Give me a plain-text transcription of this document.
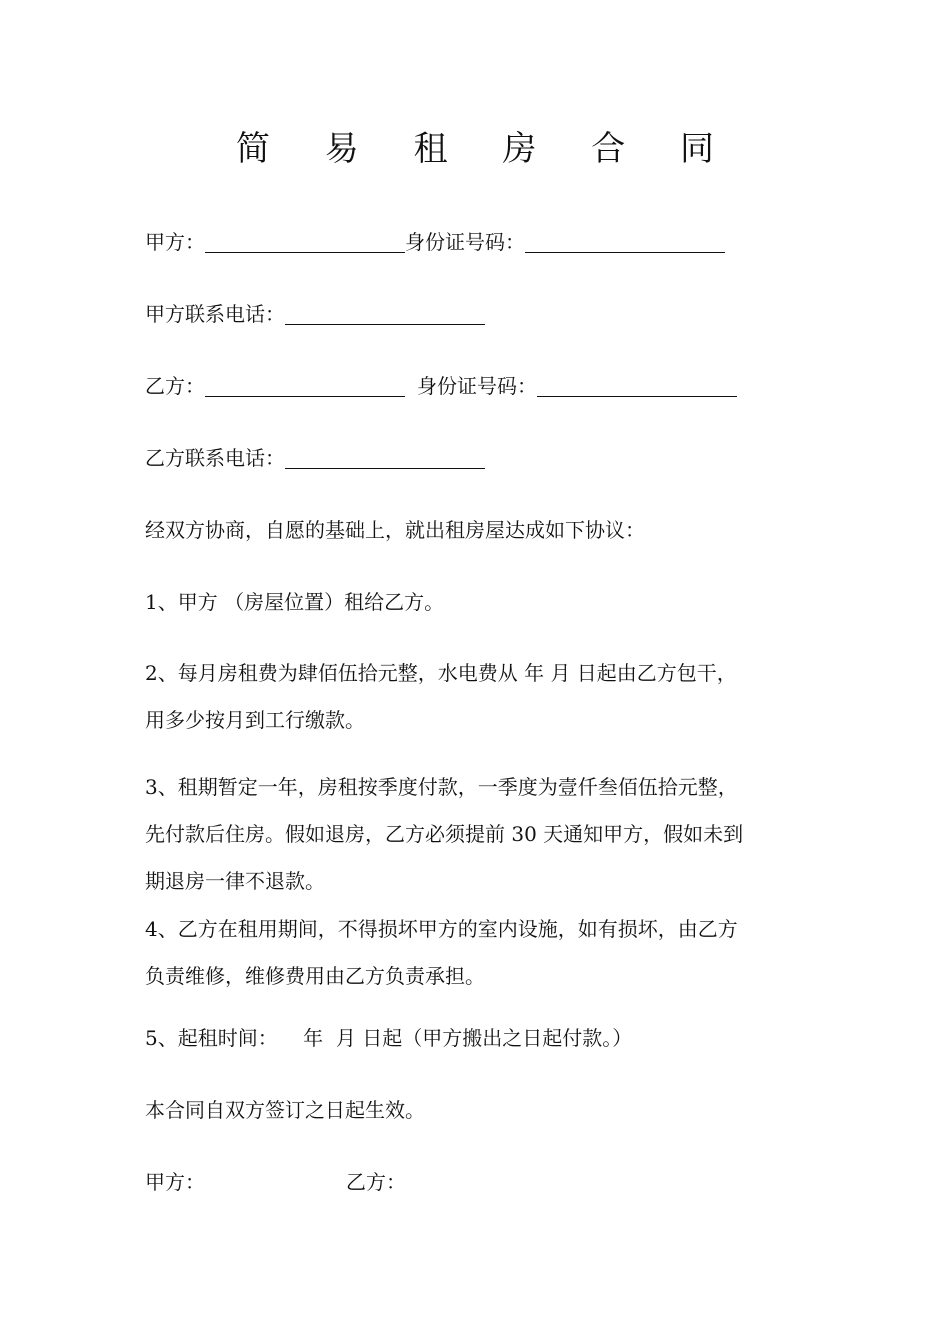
简 易 租 房 合 同
甲方：	身份证号码：
甲方联系电话：
乙方：	身份证号码：
乙方联系电话：
经双方协商，自愿的基础上，就出租房屋达成如下协议：
1、甲方 （房屋位置）租给乙方。
2、每月房租费为肆佰伍拾元整，水电费从 年 月 日起由乙方包干，
用多少按月到工行缴款。
3、租期暂定一年，房租按季度付款，一季度为壹仟叁佰伍拾元整，
先付款后住房。假如退房，乙方必须提前 30 天通知甲方，假如未到
期退房一律不退款。
4、乙方在租用期间，不得损坏甲方的室内设施，如有损坏，由乙方
负责维修，维修费用由乙方负责承担。
5、起租时间：    年  月 日起（甲方搬出之日起付款。）
本合同自双方签订之日起生效。
甲方：	乙方：
